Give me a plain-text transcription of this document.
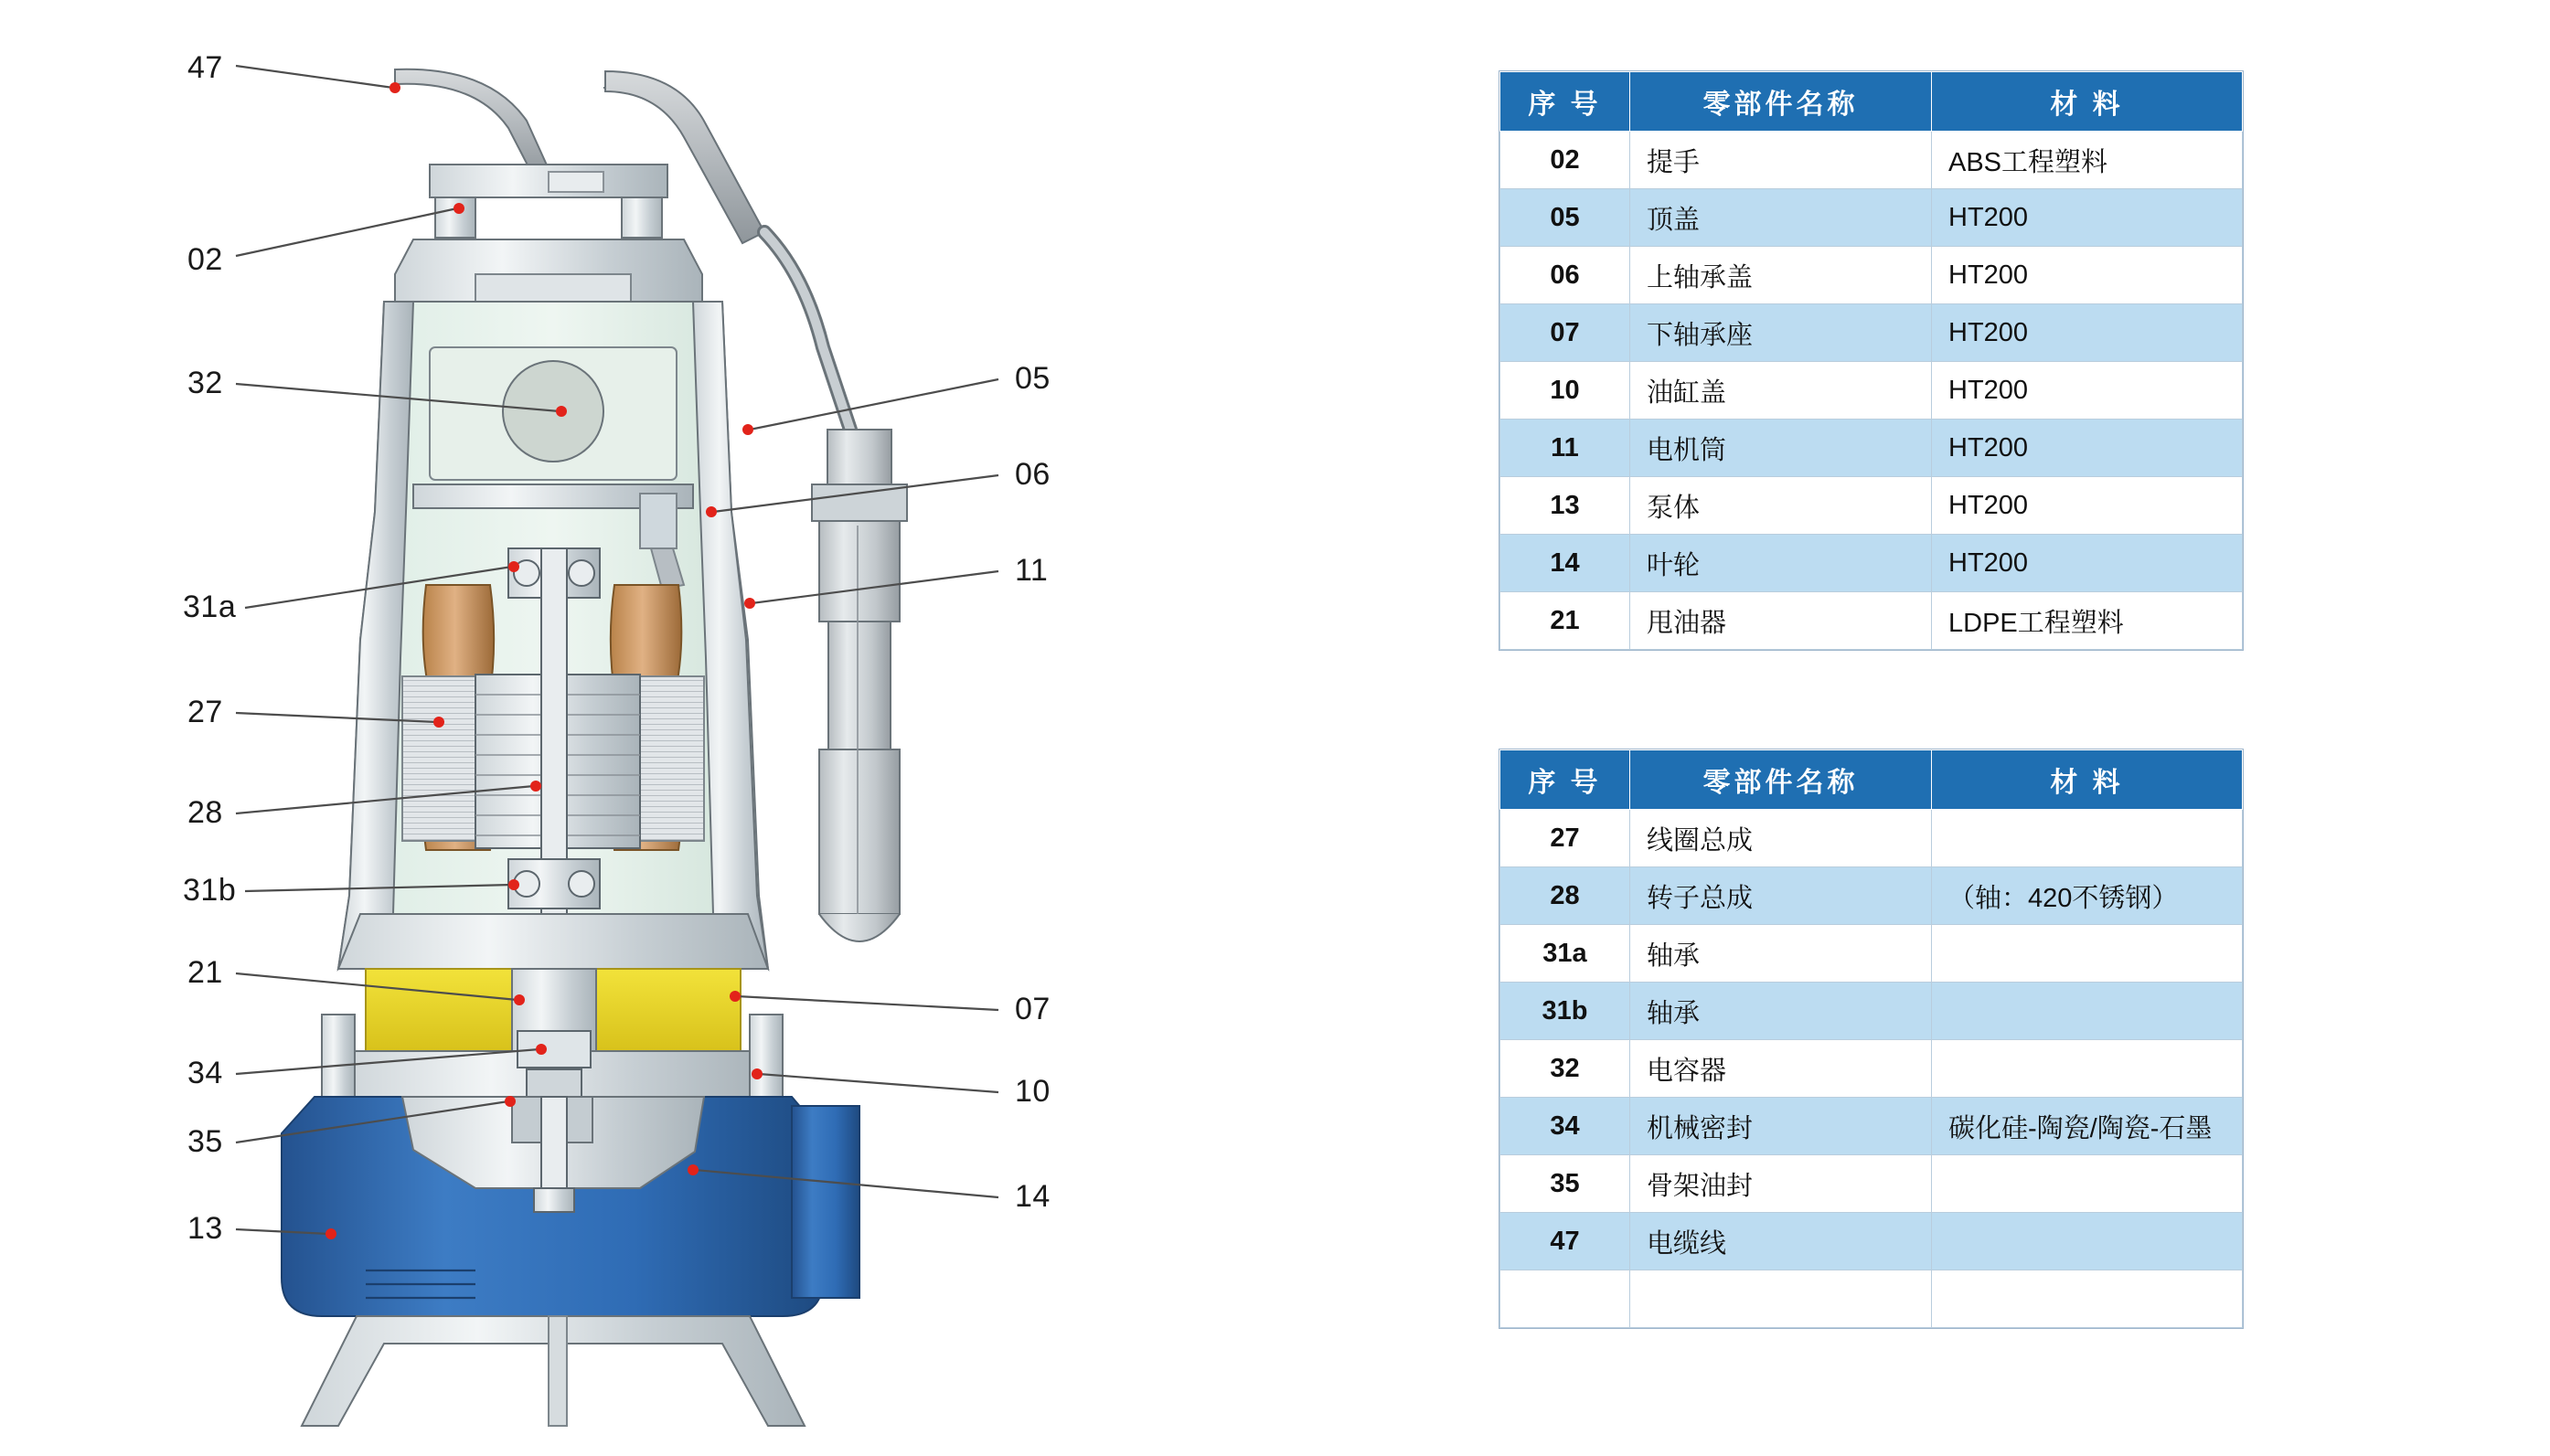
47
02
32
31a
27
28
31b
21
34
35
13
05
06
11
07
10
14
序 号	零部件名称	材 料
02	提手	ABS工程塑料
05	顶盖	HT200
06	上轴承盖	HT200
07	下轴承座	HT200
10	油缸盖	HT200
11	电机筒	HT200
13	泵体	HT200
14	叶轮	HT200
21	甩油器	LDPE工程塑料
序 号	零部件名称	材 料
27	线圈总成	
28	转子总成	（轴：420不锈钢）
31a	轴承	
31b	轴承	
32	电容器	
34	机械密封	碳化硅-陶瓷/陶瓷-石墨
35	骨架油封	
47	电缆线	
